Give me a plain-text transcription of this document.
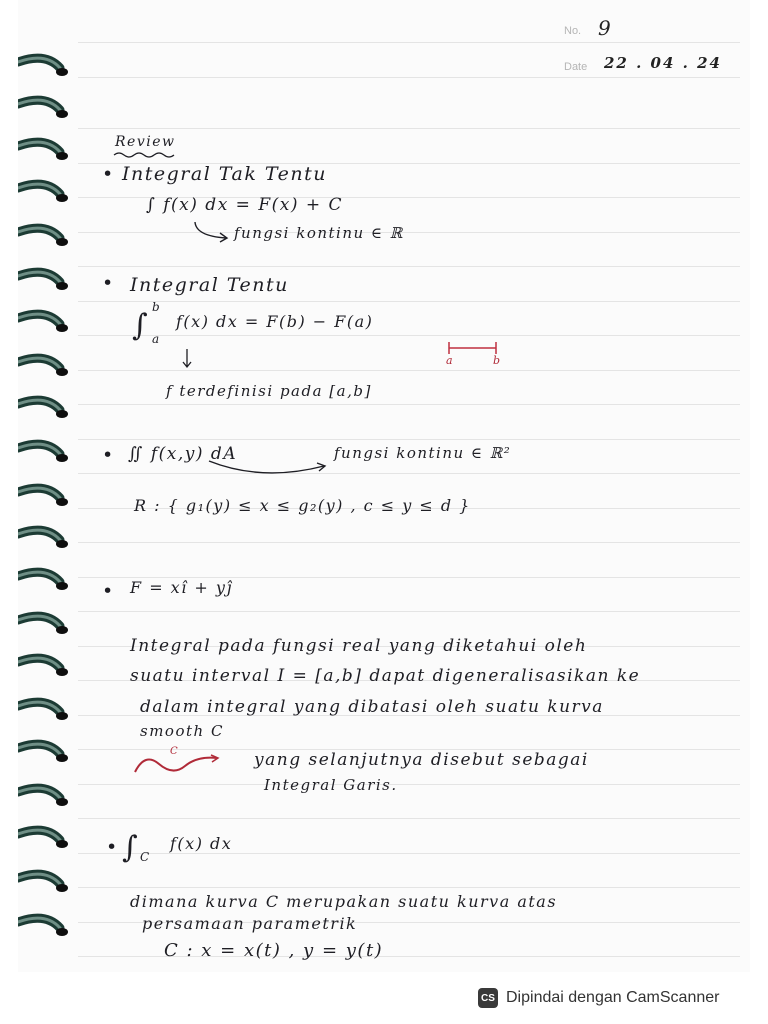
No. 9
Date 22 . 04 . 24
Review
• Integral Tak Tentu
∫ f(x) dx = F(x) + C
fungsi kontinu ∈ ℝ
• Integral Tentu
∫
b
a
f(x) dx = F(b) − F(a)
a	b
f terdefinisi pada [a,b]
• ∬ f(x,y) dA	fungsi kontinu ∈ ℝ²
R : { g₁(y) ≤ x ≤ g₂(y) , c ≤ y ≤ d }
• F = xî + yĵ
Integral pada fungsi real yang diketahui oleh
suatu interval I = [a,b] dapat digeneralisasikan ke
dalam integral yang dibatasi oleh suatu kurva
smooth C
C	yang selanjutnya disebut sebagai
Integral Garis.
• ∫ C
f(x) dx
dimana kurva C merupakan suatu kurva atas
persamaan parametrik
C : x = x(t) , y = y(t)
CS Dipindai dengan CamScanner
